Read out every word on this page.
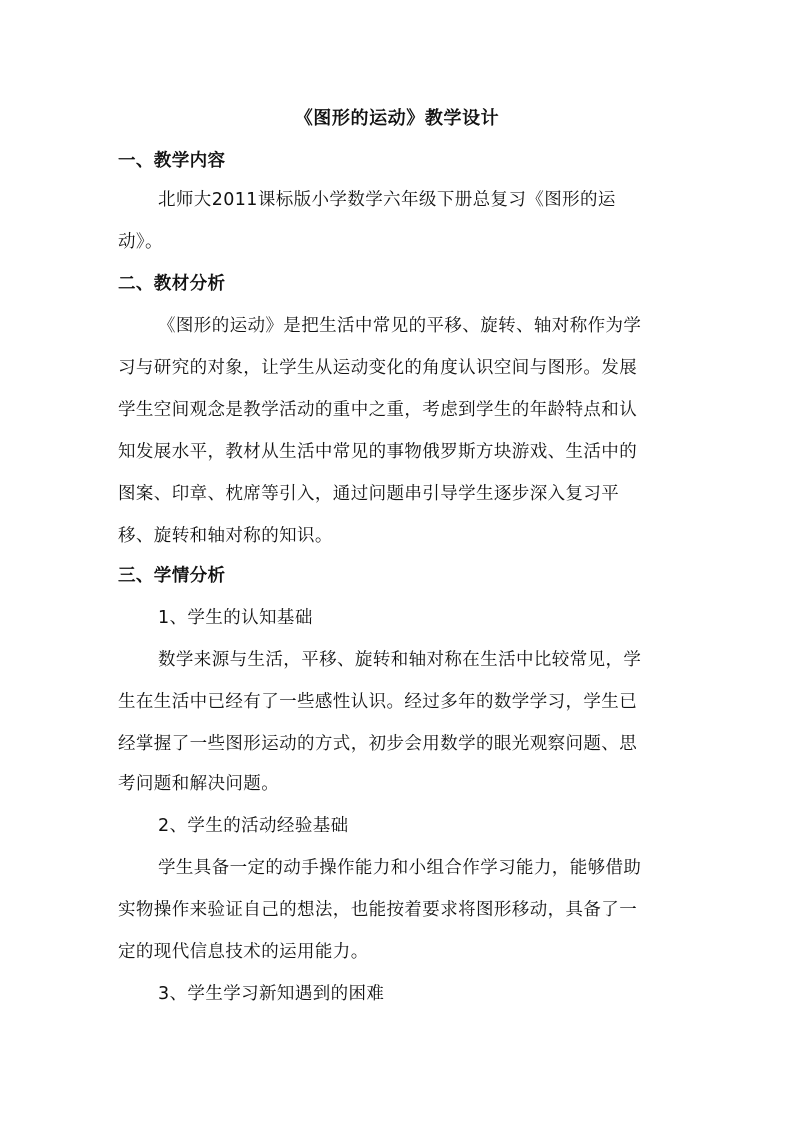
《图形的运动》教学设计
一、教学内容
北师大2011课标版小学数学六年级下册总复习《图形的运
动》。
二、教材分析
《图形的运动》是把生活中常见的平移、旋转、轴对称作为学
习与研究的对象，让学生从运动变化的角度认识空间与图形。发展
学生空间观念是教学活动的重中之重，考虑到学生的年龄特点和认
知发展水平，教材从生活中常见的事物俄罗斯方块游戏、生活中的
图案、印章、枕席等引入，通过问题串引导学生逐步深入复习平
移、旋转和轴对称的知识。
三、学情分析
1、学生的认知基础
数学来源与生活，平移、旋转和轴对称在生活中比较常见，学
生在生活中已经有了一些感性认识。经过多年的数学学习，学生已
经掌握了一些图形运动的方式，初步会用数学的眼光观察问题、思
考问题和解决问题。
2、学生的活动经验基础
学生具备一定的动手操作能力和小组合作学习能力，能够借助
实物操作来验证自己的想法，也能按着要求将图形移动，具备了一
定的现代信息技术的运用能力。
3、学生学习新知遇到的困难
